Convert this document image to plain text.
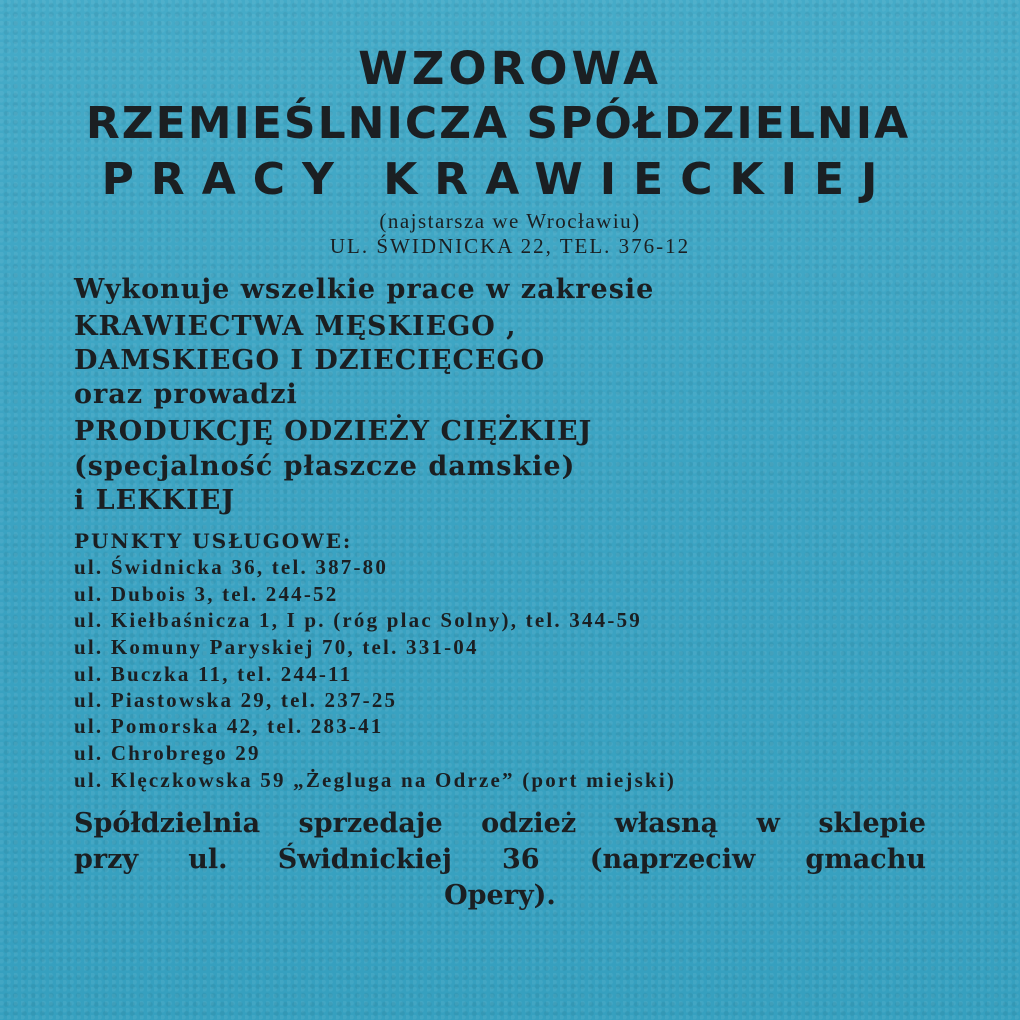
WZOROWA
RZEMIEŚLNICZA SPÓŁDZIELNIA
PRACY KRAWIECKIEJ
(najstarsza we Wrocławiu)
UL. ŚWIDNICKA 22, TEL. 376-12
Wykonuje wszelkie prace w zakresie
KRAWIECTWA MĘSKIEGO ,
DAMSKIEGO I DZIECIĘCEGO
oraz prowadzi
PRODUKCJĘ ODZIEŻY CIĘŻKIEJ
(specjalność płaszcze damskie)
i LEKKIEJ
PUNKTY USŁUGOWE:
ul. Świdnicka 36, tel. 387-80
ul. Dubois 3, tel. 244-52
ul. Kiełbaśnicza 1, I p. (róg plac Solny), tel. 344-59
ul. Komuny Paryskiej 70, tel. 331-04
ul. Buczka 11, tel. 244-11
ul. Piastowska 29, tel. 237-25
ul. Pomorska 42, tel. 283-41
ul. Chrobrego 29
ul. Klęczkowska 59 „Żegluga na Odrze” (port miejski)
Spółdzielnia sprzedaje odzież własną w sklepie
przy ul. Świdnickiej 36 (naprzeciw gmachu
Opery).
